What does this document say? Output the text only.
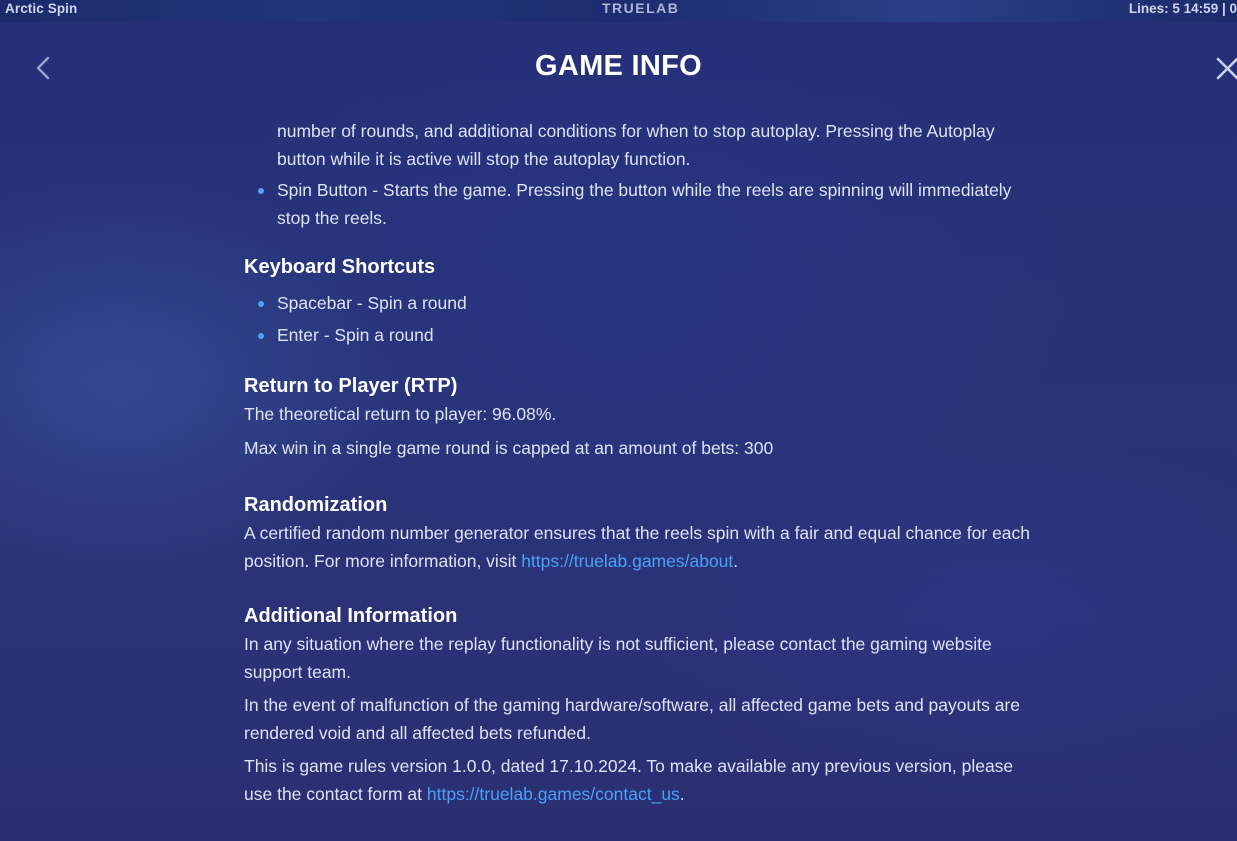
Arctic Spin	TRUELAB	Lines: 5 14:59 | 0
GAME INFO
number of rounds, and additional conditions for when to stop autoplay. Pressing the Autoplay button while it is active will stop the autoplay function.
Spin Button - Starts the game. Pressing the button while the reels are spinning will immediately stop the reels.
Keyboard Shortcuts
Spacebar - Spin a round
Enter - Spin a round
Return to Player (RTP)

The theoretical return to player: 96.08%.

Max win in a single game round is capped at an amount of bets: 300

Randomization

A certified random number generator ensures that the reels spin with a fair and equal chance for each position. For more information, visit https://truelab.games/about.

Additional Information

In any situation where the replay functionality is not sufficient, please contact the gaming website support team.

In the event of malfunction of the gaming hardware/software, all affected game bets and payouts are rendered void and all affected bets refunded.

This is game rules version 1.0.0, dated 17.10.2024. To make available any previous version, please use the contact form at https://truelab.games/contact_us.
